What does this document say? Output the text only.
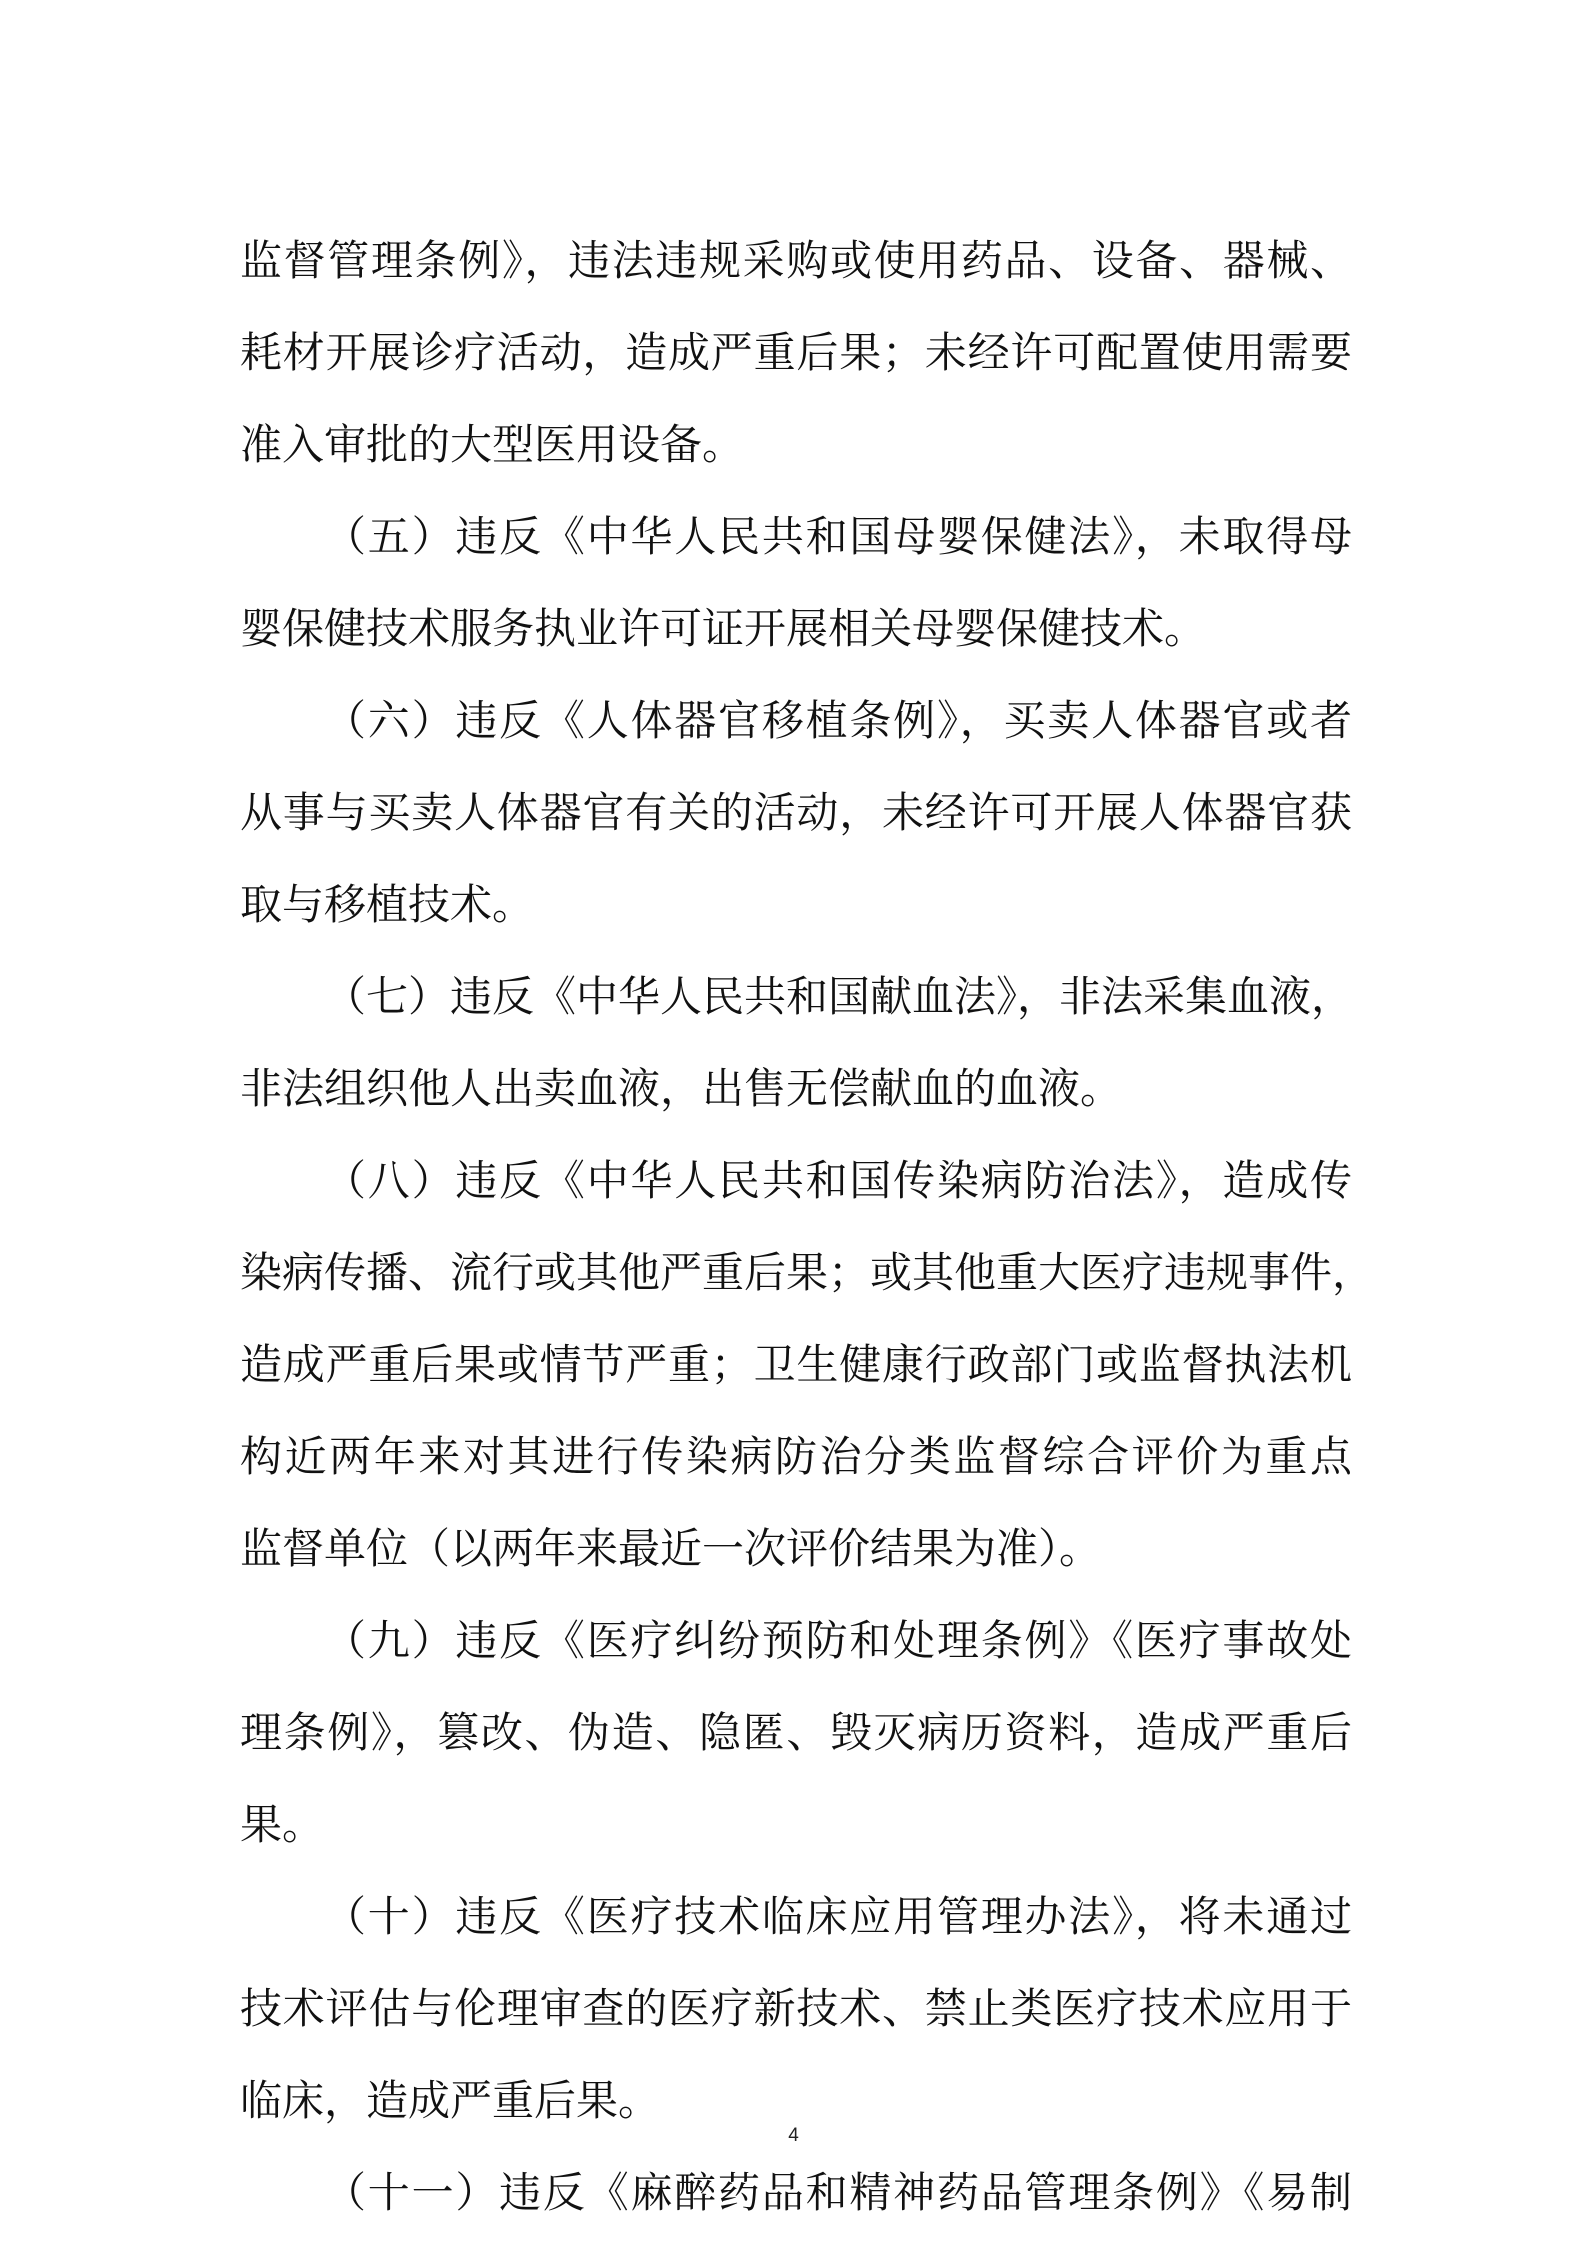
监督管理条例》，违法违规采购或使用药品、设备、器械、
耗材开展诊疗活动，造成严重后果；未经许可配置使用需要
准入审批的大型医用设备。
（五）违反《中华人民共和国母婴保健法》，未取得母
婴保健技术服务执业许可证开展相关母婴保健技术。
（六）违反《人体器官移植条例》，买卖人体器官或者
从事与买卖人体器官有关的活动，未经许可开展人体器官获
取与移植技术。
（七）违反《中华人民共和国献血法》，非法采集血液，
非法组织他人出卖血液，出售无偿献血的血液。
（八）违反《中华人民共和国传染病防治法》，造成传
染病传播、流行或其他严重后果；或其他重大医疗违规事件，
造成严重后果或情节严重；卫生健康行政部门或监督执法机
构近两年来对其进行传染病防治分类监督综合评价为重点
监督单位（以两年来最近一次评价结果为准）。
（九）违反《医疗纠纷预防和处理条例》《医疗事故处
理条例》，篡改、伪造、隐匿、毁灭病历资料，造成严重后
果。
（十）违反《医疗技术临床应用管理办法》，将未通过
技术评估与伦理审查的医疗新技术、禁止类医疗技术应用于
临床，造成严重后果。
（十一）违反《麻醉药品和精神药品管理条例》《易制
4
